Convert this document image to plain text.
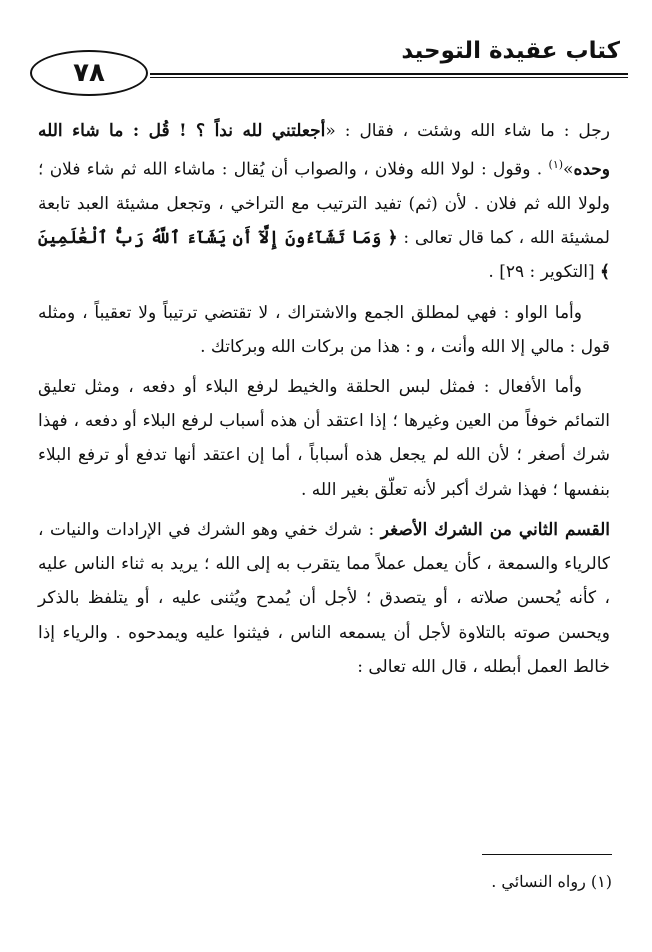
كتاب عقيدة التوحيد
٧٨

رجل : ما شاء الله وشئت ، فقال : «أجعلتني لله نداً ؟ ! قُل : ما شاء الله وحده»$^{(١)}$ . وقول : لولا الله وفلان ، والصواب أن يُقال : ماشاء الله ثم شاء فلان ؛ ولولا الله ثم فلان . لأن (ثم) تفيد الترتيب مع التراخي ، وتجعل مشيئة العبد تابعة لمشيئة الله ، كما قال تعالى : ﴿ وَمَا تَشَآءُونَ إِلَّآ أَن يَشَآءَ ٱللَّهُ رَبُّ ٱلْعَٰلَمِينَ ﴾ [التكوير : ٢٩] .

وأما الواو : فهي لمطلق الجمع والاشتراك ، لا تقتضي ترتيباً ولا تعقيباً ، ومثله قول : مالي إلا الله وأنت ، و : هذا من بركات الله وبركاتك .

وأما الأفعال : فمثل لبس الحلقة والخيط لرفع البلاء أو دفعه ، ومثل تعليق التمائم خوفاً من العين وغيرها ؛ إذا اعتقد أن هذه أسباب لرفع البلاء أو دفعه ، فهذا شرك أصغر ؛ لأن الله لم يجعل هذه أسباباً ، أما إن اعتقد أنها تدفع أو ترفع البلاء بنفسها ؛ فهذا شرك أكبر لأنه تعلّق بغير الله .

القسم الثاني من الشرك الأصغر : شرك خفي وهو الشرك في الإرادات والنيات ، كالرياء والسمعة ، كأن يعمل عملاً مما يتقرب به إلى الله ؛ يريد به ثناء الناس عليه ، كأنه يُحسن صلاته ، أو يتصدق ؛ لأجل أن يُمدح ويُثنى عليه ، أو يتلفظ بالذكر ويحسن صوته بالتلاوة لأجل أن يسمعه الناس ، فيثنوا عليه ويمدحوه . والرياء إذا خالط العمل أبطله ، قال الله تعالى :

(١) رواه النسائي .
